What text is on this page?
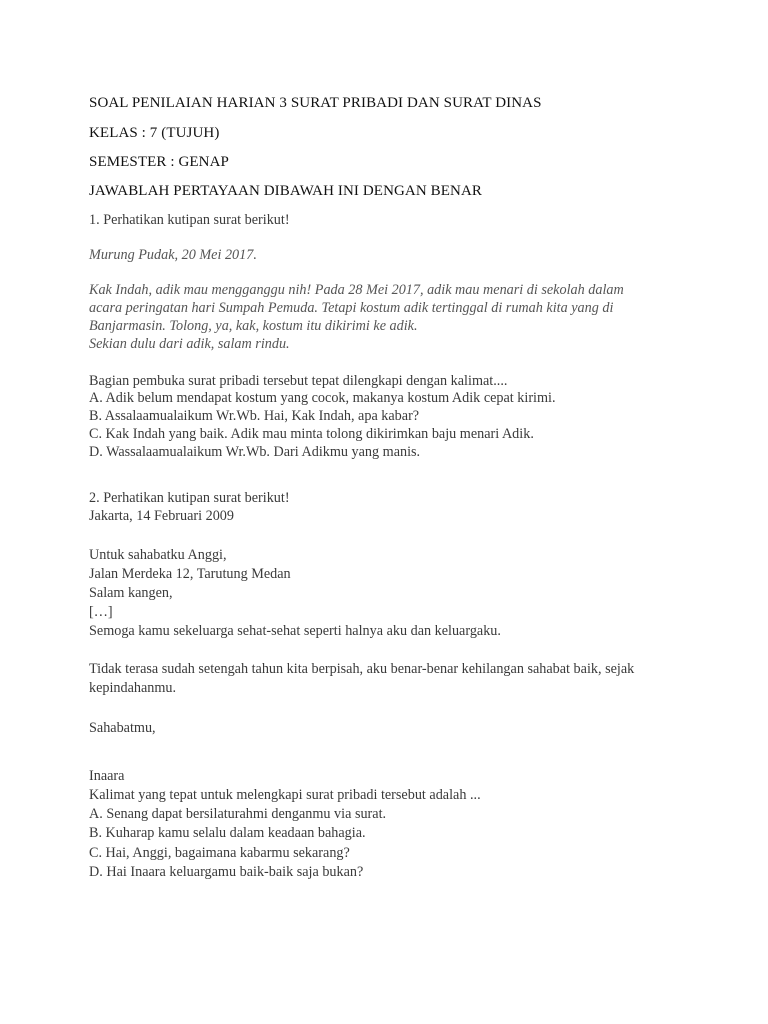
SOAL PENILAIAN HARIAN 3 SURAT PRIBADI DAN SURAT DINAS
KELAS : 7 (TUJUH)
SEMESTER : GENAP
JAWABLAH PERTAYAAN DIBAWAH INI DENGAN BENAR
1. Perhatikan kutipan surat berikut!
Murung Pudak, 20 Mei 2017.
Kak Indah, adik mau mengganggu nih! Pada 28 Mei 2017, adik mau menari di sekolah dalam
acara peringatan hari Sumpah Pemuda. Tetapi kostum adik tertinggal di rumah kita yang di
Banjarmasin. Tolong, ya, kak, kostum itu dikirimi ke adik.
Sekian dulu dari adik, salam rindu.
Bagian pembuka surat pribadi tersebut tepat dilengkapi dengan kalimat....
A. Adik belum mendapat kostum yang cocok, makanya kostum Adik cepat kirimi.
B. Assalaamualaikum Wr.Wb. Hai, Kak Indah, apa kabar?
C. Kak Indah yang baik. Adik mau minta tolong dikirimkan baju menari Adik.
D. Wassalaamualaikum Wr.Wb. Dari Adikmu yang manis.
2. Perhatikan kutipan surat berikut!
Jakarta, 14 Februari 2009
Untuk sahabatku Anggi,
Jalan Merdeka 12, Tarutung Medan
Salam kangen,
[…]
Semoga kamu sekeluarga sehat-sehat seperti halnya aku dan keluargaku.
Tidak terasa sudah setengah tahun kita berpisah, aku benar-benar kehilangan sahabat baik, sejak
kepindahanmu.
Sahabatmu,
Inaara
Kalimat yang tepat untuk melengkapi surat pribadi tersebut adalah ...
A. Senang dapat bersilaturahmi denganmu via surat.
B. Kuharap kamu selalu dalam keadaan bahagia.
C. Hai, Anggi, bagaimana kabarmu sekarang?
D. Hai Inaara keluargamu baik-baik saja bukan?
